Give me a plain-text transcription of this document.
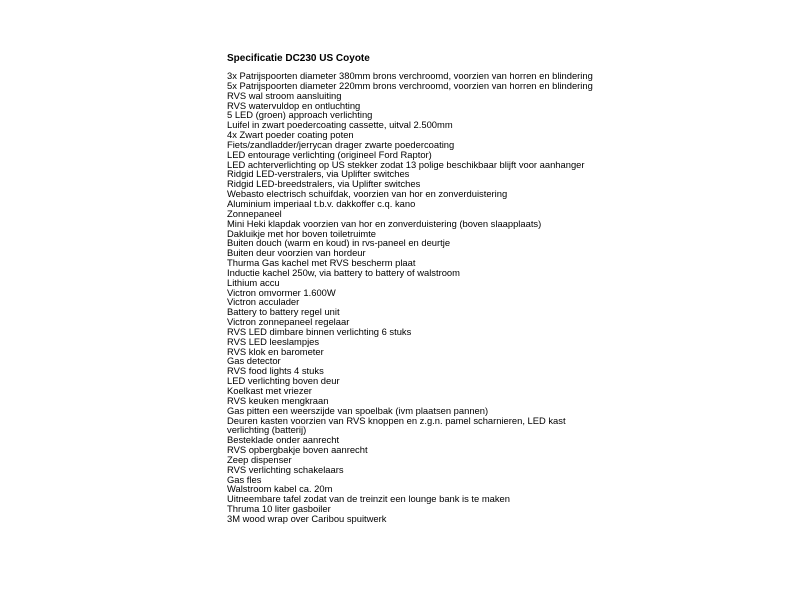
Specificatie DC230 US Coyote
3x Patrijspoorten diameter 380mm brons verchroomd, voorzien van horren en blindering
5x Patrijspoorten diameter 220mm brons verchroomd, voorzien van horren en blindering
RVS wal stroom aansluiting
RVS watervuldop en ontluchting
5 LED (groen) approach verlichting
Luifel in zwart poedercoating cassette, uitval 2.500mm
4x Zwart poeder coating poten
Fiets/zandladder/jerrycan drager zwarte poedercoating
LED entourage verlichting (origineel Ford Raptor)
LED achterverlichting op US stekker zodat 13 polige beschikbaar blijft voor aanhanger
Ridgid LED-verstralers, via Uplifter switches
Ridgid LED-breedstralers, via Uplifter switches
Webasto electrisch schuifdak, voorzien van hor en zonverduistering
Aluminium imperiaal t.b.v. dakkoffer c.q. kano
Zonnepaneel
Mini Heki klapdak voorzien van hor en zonverduistering (boven slaapplaats)
Dakluikje met hor boven toiletruimte
Buiten douch (warm en koud) in rvs-paneel en deurtje
Buiten deur voorzien van hordeur
Thurma Gas kachel met RVS bescherm plaat
Inductie kachel 250w, via battery to battery of walstroom
Lithium accu
Victron omvormer 1.600W
Victron acculader
Battery to battery regel unit
Victron zonnepaneel regelaar
RVS LED dimbare binnen verlichting 6 stuks
RVS LED leeslampjes
RVS klok en barometer
Gas detector
RVS food lights 4 stuks
LED verlichting boven deur
Koelkast met vriezer
RVS keuken mengkraan
Gas pitten een weerszijde van spoelbak (ivm plaatsen pannen)
Deuren kasten voorzien van RVS knoppen en z.g.n. pamel scharnieren, LED kast
verlichting (batterij)
Besteklade onder aanrecht
RVS opbergbakje boven aanrecht
Zeep dispenser
RVS verlichting schakelaars
Gas fles
Walstroom kabel ca. 20m
Uitneembare tafel zodat van de treinzit een lounge bank is te maken
Thruma 10 liter gasboiler
3M wood wrap over Caribou spuitwerk
